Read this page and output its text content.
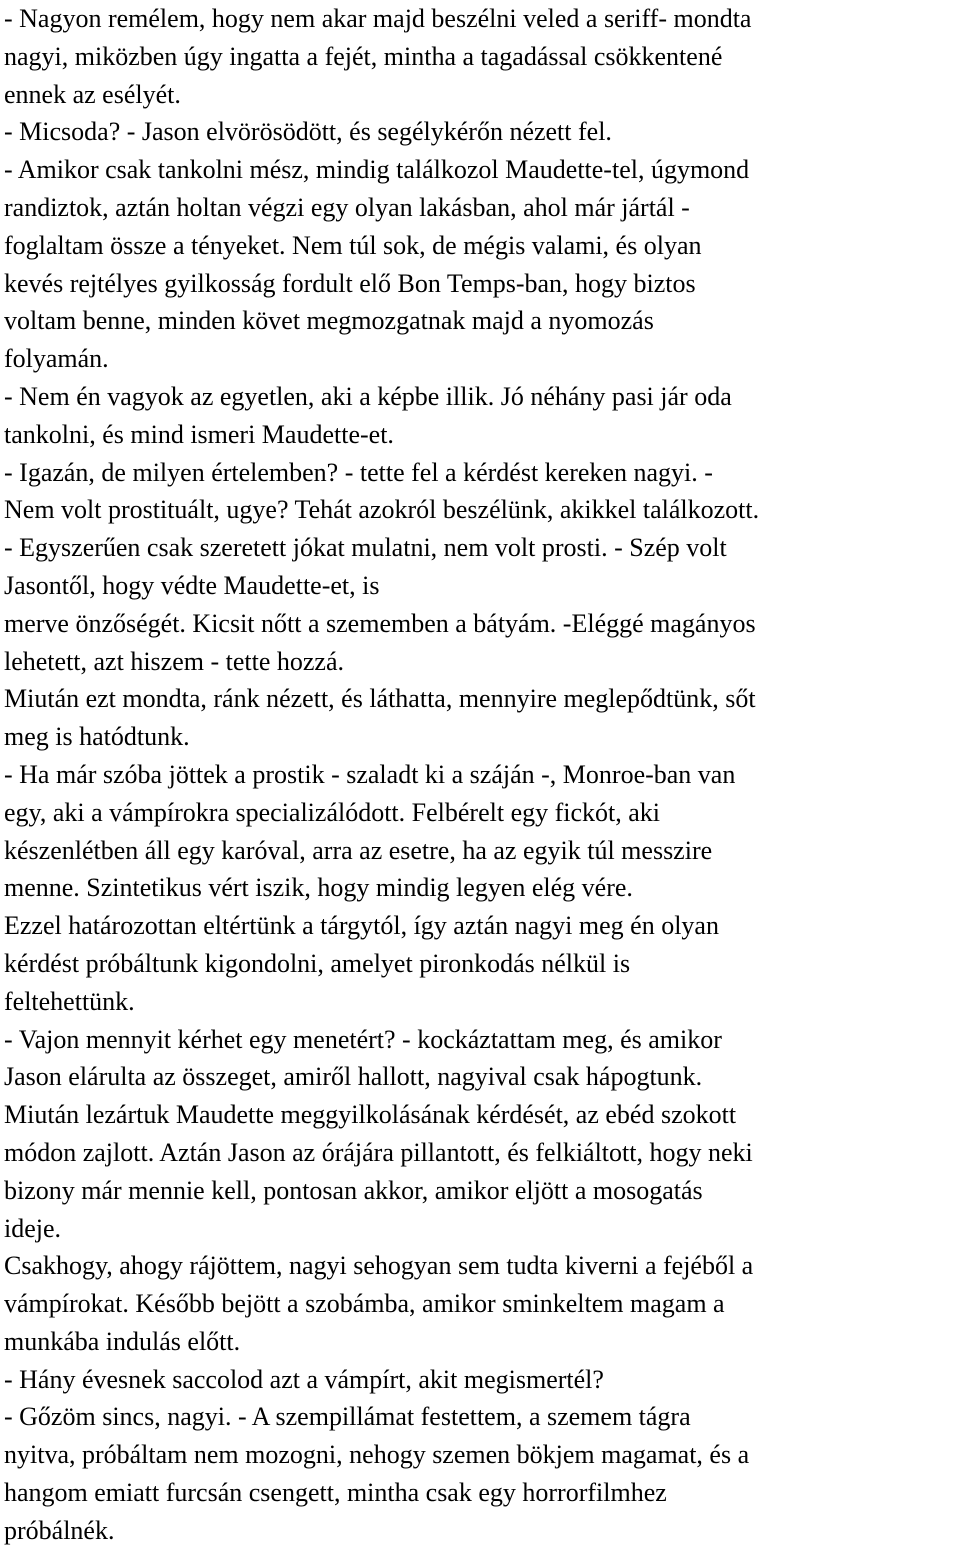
- Nagyon remélem, hogy nem akar majd beszélni veled a seriff- mondta
nagyi, miközben úgy ingatta a fejét, mintha a tagadással csökkentené
ennek az esélyét.
- Micsoda? - Jason elvörösödött, és segélykérőn nézett fel.
- Amikor csak tankolni mész, mindig találkozol Maudette-tel, úgymond
randiztok, aztán holtan végzi egy olyan lakásban, ahol már jártál -
foglaltam össze a tényeket. Nem túl sok, de mégis valami, és olyan
kevés rejtélyes gyilkosság fordult elő Bon Temps-ban, hogy biztos
voltam benne, minden követ megmozgatnak majd a nyomozás
folyamán.
- Nem én vagyok az egyetlen, aki a képbe illik. Jó néhány pasi jár oda
tankolni, és mind ismeri Maudette-et.
- Igazán, de milyen értelemben? - tette fel a kérdést kereken nagyi. -
Nem volt prostituált, ugye? Tehát azokról beszélünk, akikkel találkozott.
- Egyszerűen csak szeretett jókat mulatni, nem volt prosti. - Szép volt
Jasontől, hogy védte Maudette-et, is
merve önzőségét. Kicsit nőtt a szememben a bátyám. -Eléggé magányos
lehetett, azt hiszem - tette hozzá.
Miután ezt mondta, ránk nézett, és láthatta, mennyire meglepődtünk, sőt
meg is hatódtunk.
- Ha már szóba jöttek a prostik - szaladt ki a száján -, Monroe-ban van
egy, aki a vámpírokra specializálódott. Felbérelt egy fickót, aki
készenlétben áll egy karóval, arra az esetre, ha az egyik túl messzire
menne. Szintetikus vért iszik, hogy mindig legyen elég vére.
Ezzel határozottan eltértünk a tárgytól, így aztán nagyi meg én olyan
kérdést próbáltunk kigondolni, amelyet pironkodás nélkül is
feltehettünk.
- Vajon mennyit kérhet egy menetért? - kockáztattam meg, és amikor
Jason elárulta az összeget, amiről hallott, nagyival csak hápogtunk.
Miután lezártuk Maudette meggyilkolásának kérdését, az ebéd szokott
módon zajlott. Aztán Jason az órájára pillantott, és felkiáltott, hogy neki
bizony már mennie kell, pontosan akkor, amikor eljött a mosogatás
ideje.
Csakhogy, ahogy rájöttem, nagyi sehogyan sem tudta kiverni a fejéből a
vámpírokat. Később bejött a szobámba, amikor sminkeltem magam a
munkába indulás előtt.
- Hány évesnek saccolod azt a vámpírt, akit megismertél?
- Gőzöm sincs, nagyi. - A szempillámat festettem, a szemem tágra
nyitva, próbáltam nem mozogni, nehogy szemen bökjem magamat, és a
hangom emiatt furcsán csengett, mintha csak egy horrorfilmhez
próbálnék.
